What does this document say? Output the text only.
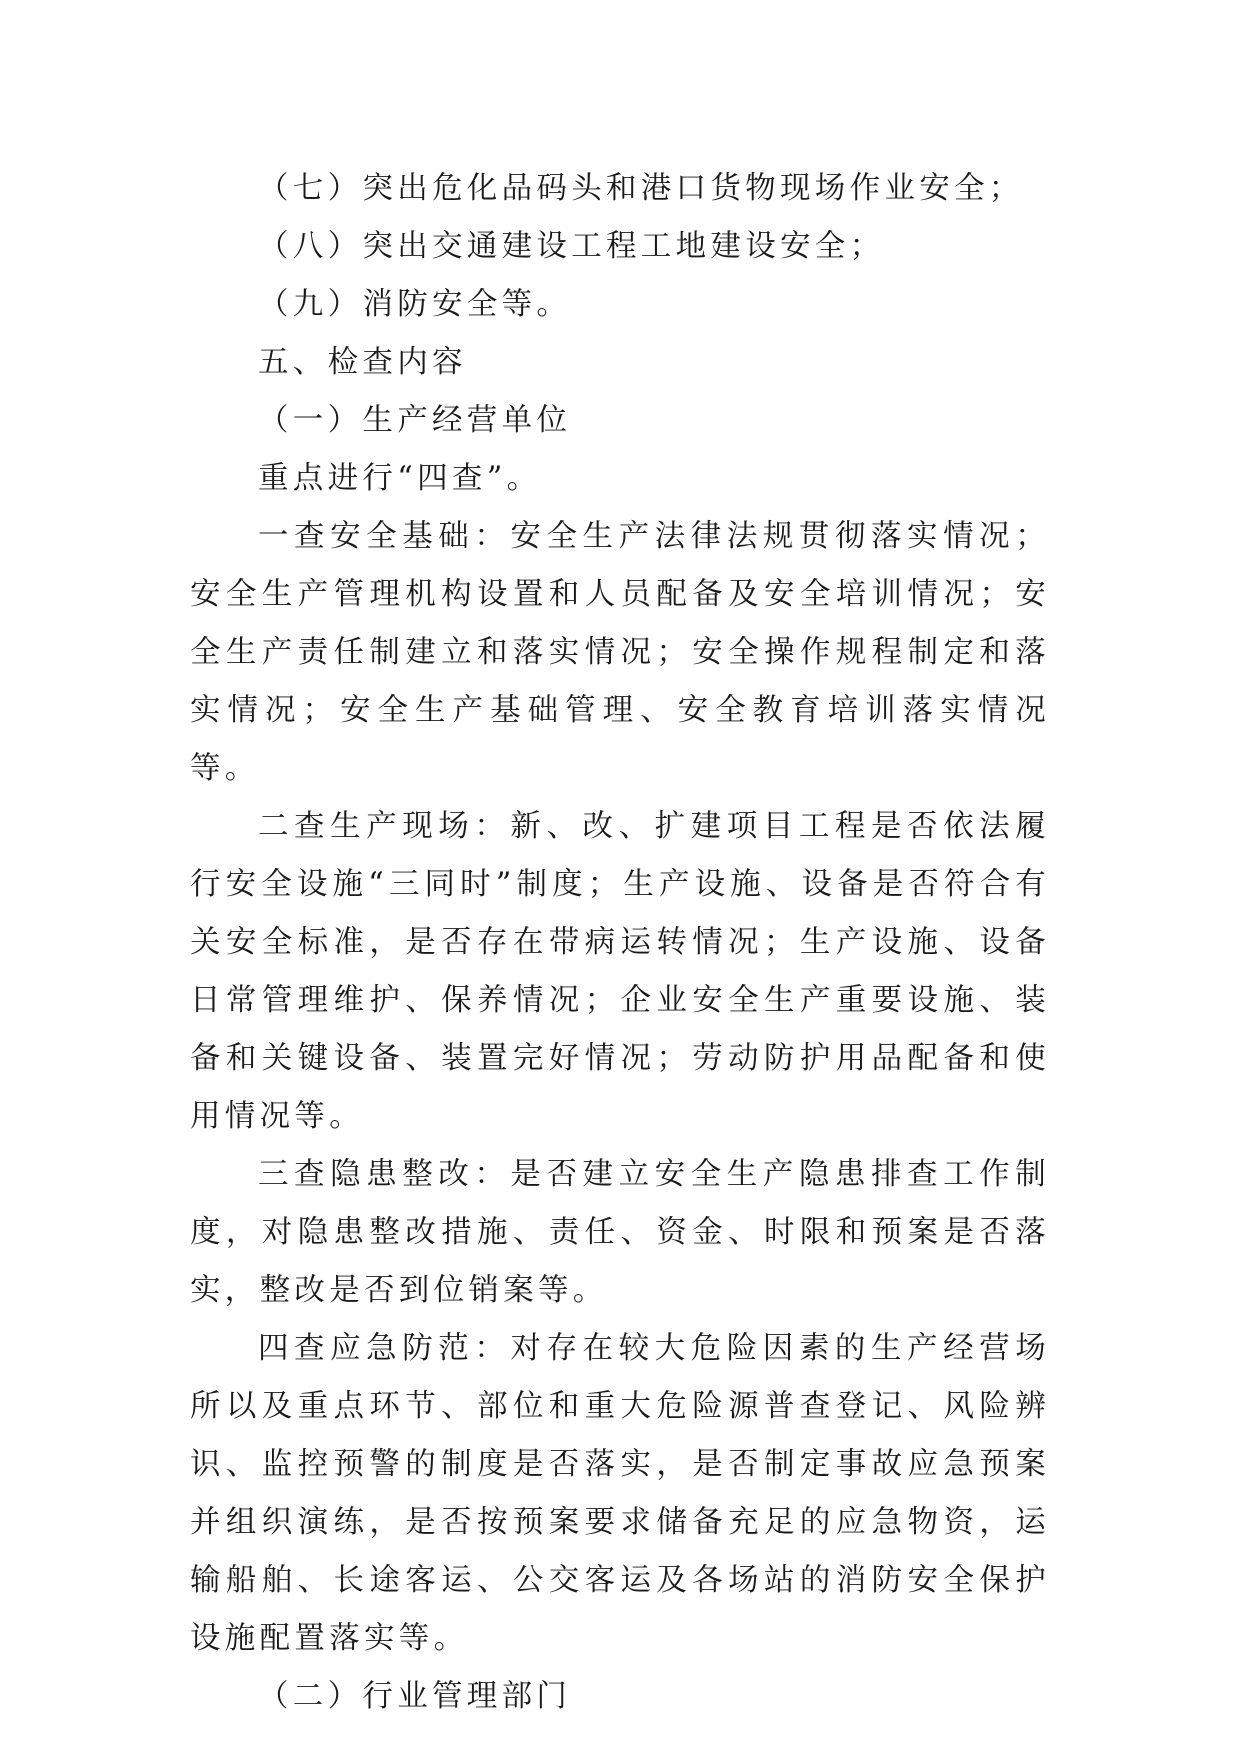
（七）突出危化品码头和港口货物现场作业安全；

（八）突出交通建设工程工地建设安全；

（九）消防安全等。

五、检查内容

（一）生产经营单位

重点进行“四查”。

一查安全基础：安全生产法律法规贯彻落实情况；安全生产管理机构设置和人员配备及安全培训情况；安全生产责任制建立和落实情况；安全操作规程制定和落实情况；安全生产基础管理、安全教育培训落实情况等。

二查生产现场：新、改、扩建项目工程是否依法履行安全设施“三同时”制度；生产设施、设备是否符合有关安全标准，是否存在带病运转情况；生产设施、设备日常管理维护、保养情况；企业安全生产重要设施、装备和关键设备、装置完好情况；劳动防护用品配备和使用情况等。

三查隐患整改：是否建立安全生产隐患排查工作制度，对隐患整改措施、责任、资金、时限和预案是否落实，整改是否到位销案等。

四查应急防范：对存在较大危险因素的生产经营场所以及重点环节、部位和重大危险源普查登记、风险辨识、监控预警的制度是否落实，是否制定事故应急预案并组织演练，是否按预案要求储备充足的应急物资，运输船舶、长途客运、公交客运及各场站的消防安全保护设施配置落实等。

（二）行业管理部门
